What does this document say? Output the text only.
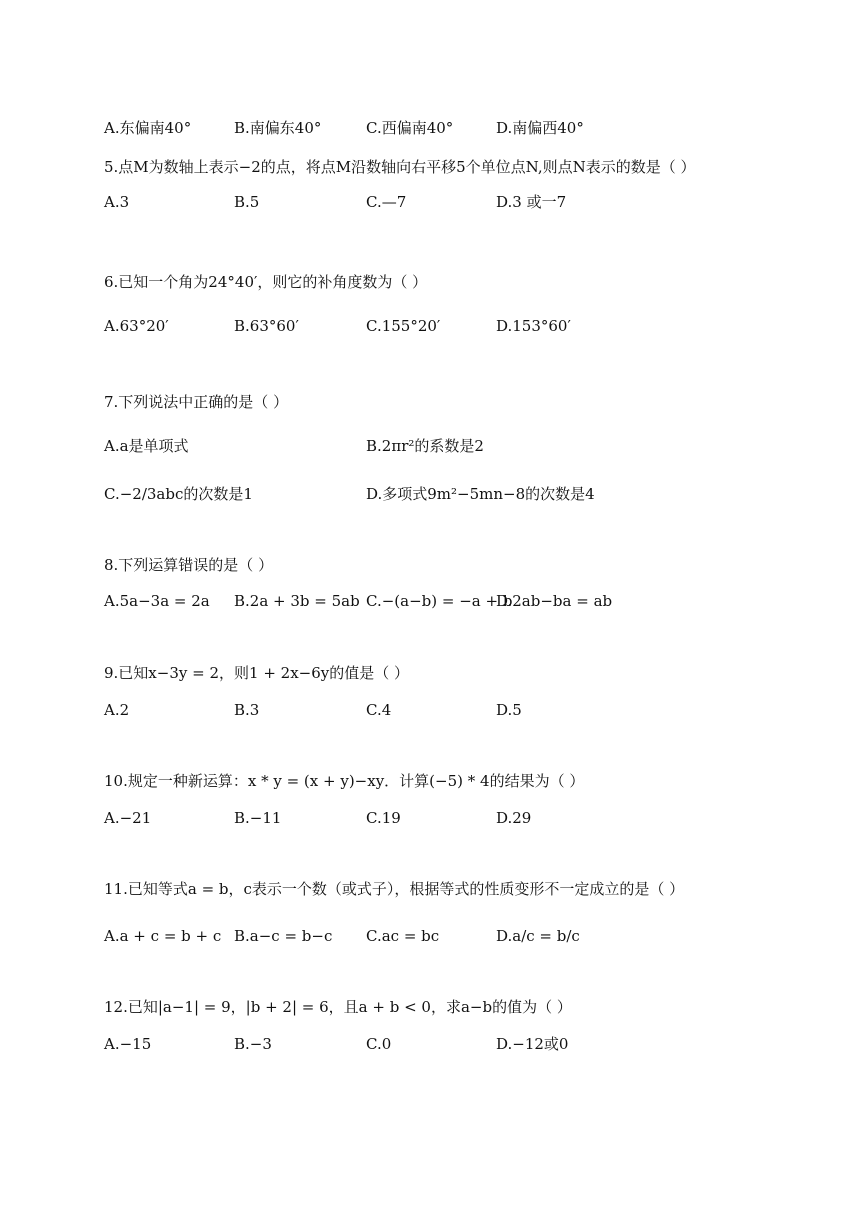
A.东偏南40°	B.南偏东40°	C.西偏南40°	D.南偏西40°
5.点M为数轴上表示−2的点，将点M沿数轴向右平移5个单位点N,则点N表示的数是（ ）
A.3	B.5	C.—7	D.3 或一7
6.已知一个角为24°40′，则它的补角度数为（ ）
A.63°20′	B.63°60′	C.155°20′	D.153°60′
7.下列说法中正确的是（ ）
A.a是单项式	B.2πr²的系数是2
C.−2/3abc的次数是1	D.多项式9m²−5mn−8的次数是4
8.下列运算错误的是（ ）
A.5a−3a = 2a B.2a + 3b = 5ab C.−(a−b) = −a + b
D.2ab−ba = ab
9.已知x−3y = 2，则1 + 2x−6y的值是（ ）
A.2	B.3	C.4	D.5
10.规定一种新运算：x * y = (x + y)−xy．计算(−5) * 4的结果为（ ）
A.−21	B.−11	C.19	D.29
11.已知等式a = b，c表示一个数（或式子），根据等式的性质变形不一定成立的是（ ）
A.a + c = b + c B.a−c = b−c C.ac = bc	D.a/c = b/c
12.已知|a−1| = 9，|b + 2| = 6，且a + b < 0，求a−b的值为（ ）
A.−15	B.−3	C.0	D.−12或0
